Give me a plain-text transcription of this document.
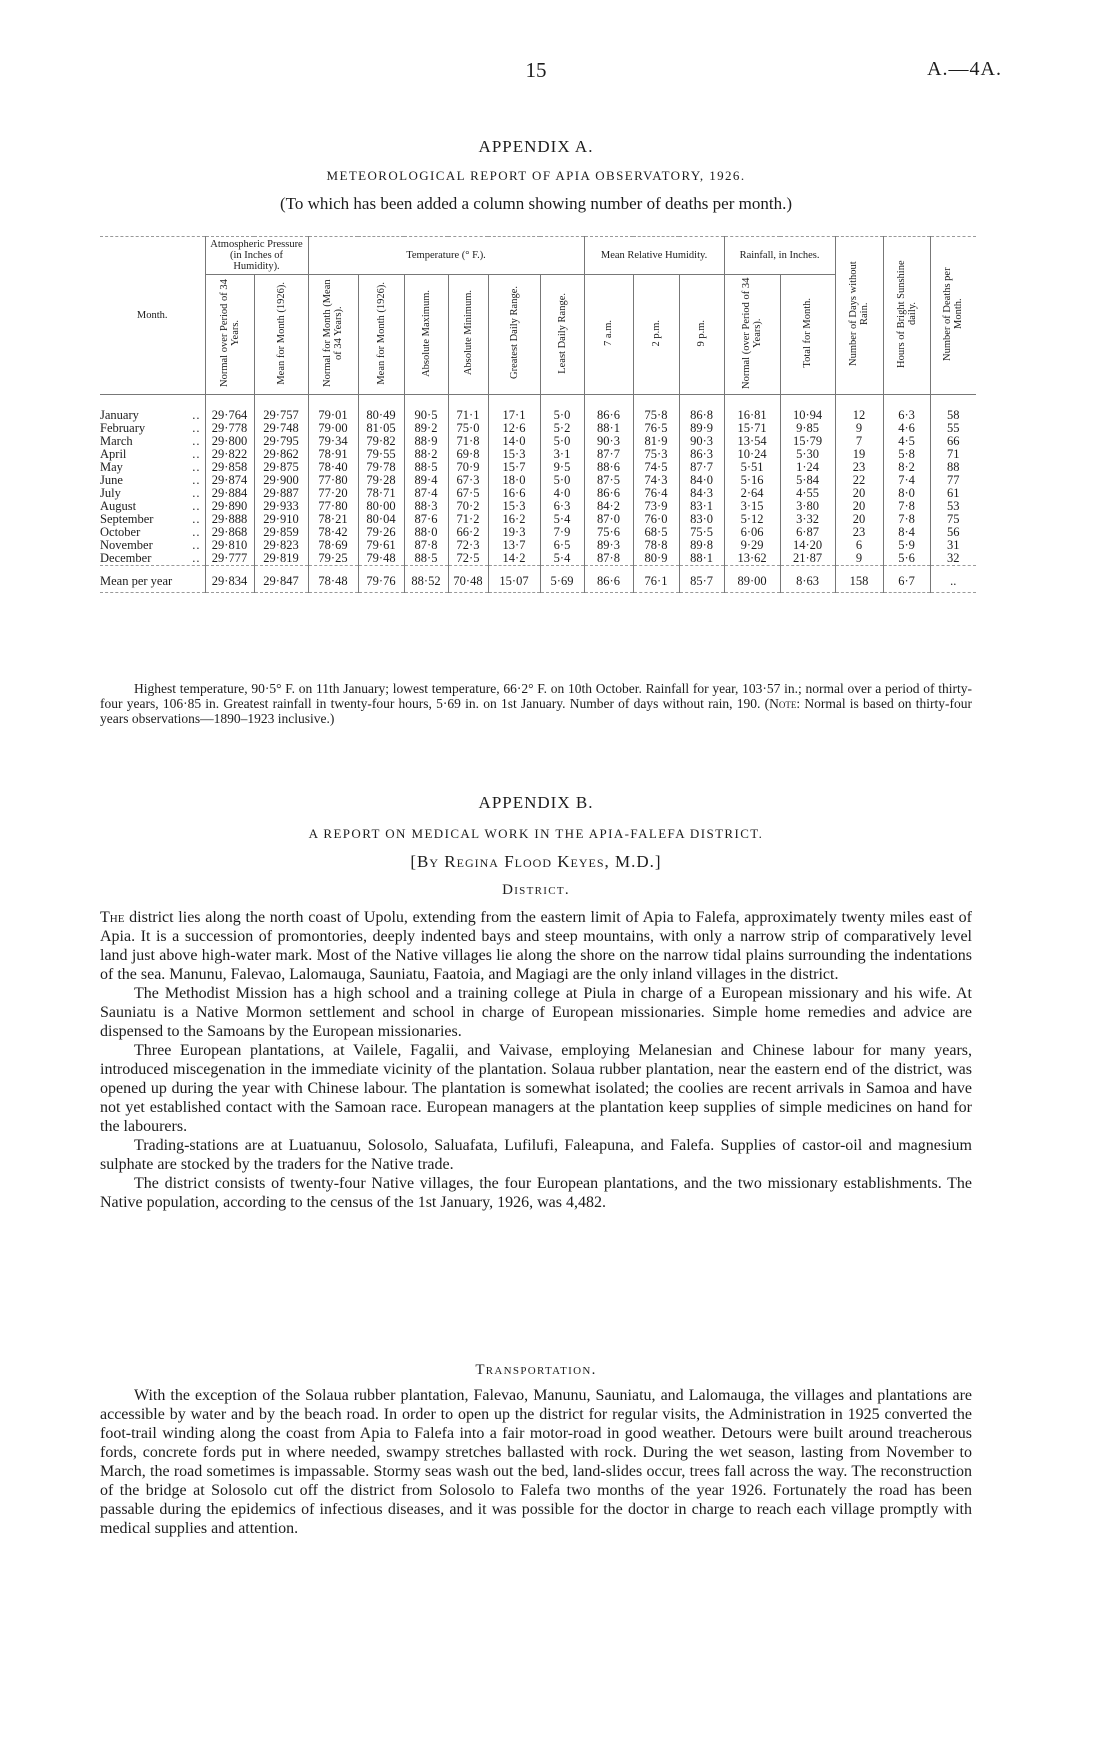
15	A.—4A.
APPENDIX A.
METEOROLOGICAL REPORT OF APIA OBSERVATORY, 1926.
(To which has been added a column showing number of deaths per month.)
Month.	Atmospheric Pressure (in Inches of Humidity).		Temperature (° F.).						Mean Relative Humidity.			Rainfall, in Inches.		Number of Days without Rain.	Hours of Bright Sunshine daily.	Number of Deaths per Month.
	Normal over Period of 34 Years.	Mean for Month (1926).	Normal for Month (Mean of 34 Years).	Mean for Month (1926).	Absolute Maximum.	Absolute Minimum.	Greatest Daily Range.	Least Daily Range.	7 a.m.	2 p.m.	9 p.m.	Normal (over Period of 34 Years).	Total for Month.			

..
January	29·764	29·757	79·01	80·49	90·5	71·1	17·1	5·0	86·6	75·8	86·8	16·81	10·94	12	6·3	58

..
February	29·778	29·748	79·00	81·05	89·2	75·0	12·6	5·2	88·1	76·5	89·9	15·71	9·85	9	4·6	55

..
March	29·800	29·795	79·34	79·82	88·9	71·8	14·0	5·0	90·3	81·9	90·3	13·54	15·79	7	4·5	66

..
April	29·822	29·862	78·91	79·55	88·2	69·8	15·3	3·1	87·7	75·3	86·3	10·24	5·30	19	5·8	71

..
May	29·858	29·875	78·40	79·78	88·5	70·9	15·7	9·5	88·6	74·5	87·7	5·51	1·24	23	8·2	88

..
June	29·874	29·900	77·80	79·28	89·4	67·3	18·0	5·0	87·5	74·3	84·0	5·16	5·84	22	7·4	77

..
July	29·884	29·887	77·20	78·71	87·4	67·5	16·6	4·0	86·6	76·4	84·3	2·64	4·55	20	8·0	61

..
August	29·890	29·933	77·80	80·00	88·3	70·2	15·3	6·3	84·2	73·9	83·1	3·15	3·80	20	7·8	53

..
September	29·888	29·910	78·21	80·04	87·6	71·2	16·2	5·4	87·0	76·0	83·0	5·12	3·32	20	7·8	75

..
October	29·868	29·859	78·42	79·26	88·0	66·2	19·3	7·9	75·6	68·5	75·5	6·06	6·87	23	8·4	56

..
November	29·810	29·823	78·69	79·61	87·8	72·3	13·7	6·5	89·3	78·8	89·8	9·29	14·20	6	5·9	31

..
December	29·777	29·819	79·25	79·48	88·5	72·5	14·2	5·4	87·8	80·9	88·1	13·62	21·87	9	5·6	32
Mean per year	29·834	29·847	78·48	79·76	88·52	70·48	15·07	5·69	86·6	76·1	85·7	89·00	8·63	158	6·7	..
Highest temperature, 90·5° F. on 11th January; lowest temperature, 66·2° F. on 10th October. Rainfall for year, 103·57 in.; normal over a period of thirty-four years, 106·85 in. Greatest rainfall in twenty-four hours, 5·69 in. on 1st January. Number of days without rain, 190. (Note: Normal is based on thirty-four years observations—1890–1923 inclusive.)
APPENDIX B.
A REPORT ON MEDICAL WORK IN THE APIA-FALEFA DISTRICT.
[By Regina Flood Keyes, M.D.]
District.

The district lies along the north coast of Upolu, extending from the eastern limit of Apia to Falefa, approximately twenty miles east of Apia. It is a succession of promontories, deeply indented bays and steep mountains, with only a narrow strip of comparatively level land just above high-water mark. Most of the Native villages lie along the shore on the narrow tidal plains surrounding the indentations of the sea. Manunu, Falevao, Lalomauga, Sauniatu, Faatoia, and Magiagi are the only inland villages in the district.

The Methodist Mission has a high school and a training college at Piula in charge of a European missionary and his wife. At Sauniatu is a Native Mormon settlement and school in charge of European missionaries. Simple home remedies and advice are dispensed to the Samoans by the European missionaries.

Three European plantations, at Vailele, Fagalii, and Vaivase, employing Melanesian and Chinese labour for many years, introduced miscegenation in the immediate vicinity of the plantation. Solaua rubber plantation, near the eastern end of the district, was opened up during the year with Chinese labour. The plantation is somewhat isolated; the coolies are recent arrivals in Samoa and have not yet established contact with the Samoan race. European managers at the plantation keep supplies of simple medicines on hand for the labourers.

Trading-stations are at Luatuanuu, Solosolo, Saluafata, Lufilufi, Faleapuna, and Falefa. Supplies of castor-oil and magnesium sulphate are stocked by the traders for the Native trade.

The district consists of twenty-four Native villages, the four European plantations, and the two missionary establishments. The Native population, according to the census of the 1st January, 1926, was 4,482.

Transportation.

With the exception of the Solaua rubber plantation, Falevao, Manunu, Sauniatu, and Lalomauga, the villages and plantations are accessible by water and by the beach road. In order to open up the district for regular visits, the Administration in 1925 converted the foot-trail winding along the coast from Apia to Falefa into a fair motor-road in good weather. Detours were built around treacherous fords, concrete fords put in where needed, swampy stretches ballasted with rock. During the wet season, lasting from November to March, the road sometimes is impassable. Stormy seas wash out the bed, land-slides occur, trees fall across the way. The reconstruction of the bridge at Solosolo cut off the district from Solosolo to Falefa two months of the year 1926. Fortunately the road has been passable during the epidemics of infectious diseases, and it was possible for the doctor in charge to reach each village promptly with medical supplies and attention.
